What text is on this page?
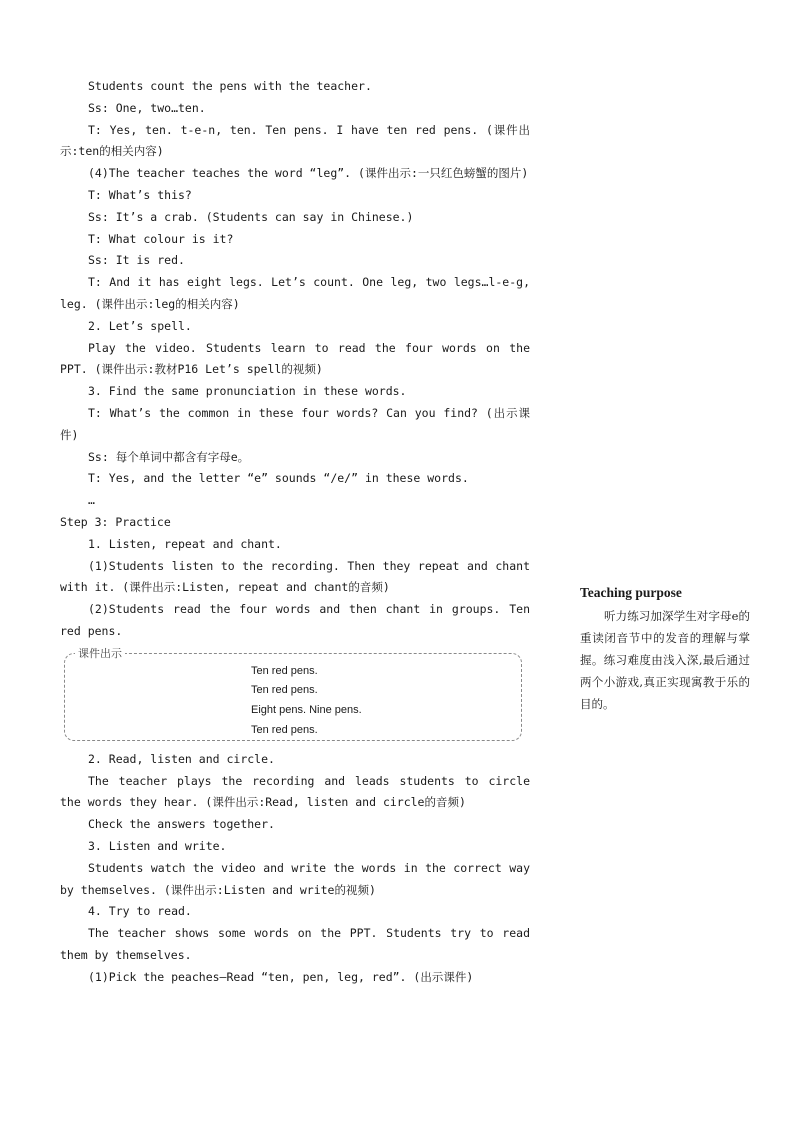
Students count the pens with the teacher.

Ss: One, two…ten.

T: Yes, ten. t-e-n, ten. Ten pens. I have ten red pens. (课件出示:ten的相关内容)

(4)The teacher teaches the word “leg”. (课件出示:一只红色螃蟹的图片)

T: What’s this?

Ss: It’s a crab. (Students can say in Chinese.)

T: What colour is it?

Ss: It is red.

T: And it has eight legs. Let’s count. One leg, two legs…l-e-g, leg. (课件出示:leg的相关内容)

2. Let’s spell.

Play the video. Students learn to read the four words on the PPT. (课件出示:教材P16 Let’s spell的视频)

3. Find the same pronunciation in these words.

T: What’s the common in these four words? Can you find? (出示课件)

Ss: 每个单词中都含有字母e。

T: Yes, and the letter “e” sounds “/e/” in these words.

…

Step 3: Practice

1. Listen, repeat and chant.

(1)Students listen to the recording. Then they repeat and chant with it. (课件出示:Listen, repeat and chant的音频)

(2)Students read the four words and then chant in groups. Ten red pens.

课件出示
Ten red pens.
Ten red pens.
Eight pens. Nine pens.
Ten red pens.

2. Read, listen and circle.

The teacher plays the recording and leads students to circle the words they hear. (课件出示:Read, listen and circle的音频)

Check the answers together.

3. Listen and write.

Students watch the video and write the words in the correct way by themselves. (课件出示:Listen and write的视频)

4. Try to read.

The teacher shows some words on the PPT. Students try to read them by themselves.

(1)Pick the peaches—Read “ten, pen, leg, red”. (出示课件)

Teaching purpose

听力练习加深学生对字母e的重读闭音节中的发音的理解与掌握。练习难度由浅入深,最后通过两个小游戏,真正实现寓教于乐的目的。
